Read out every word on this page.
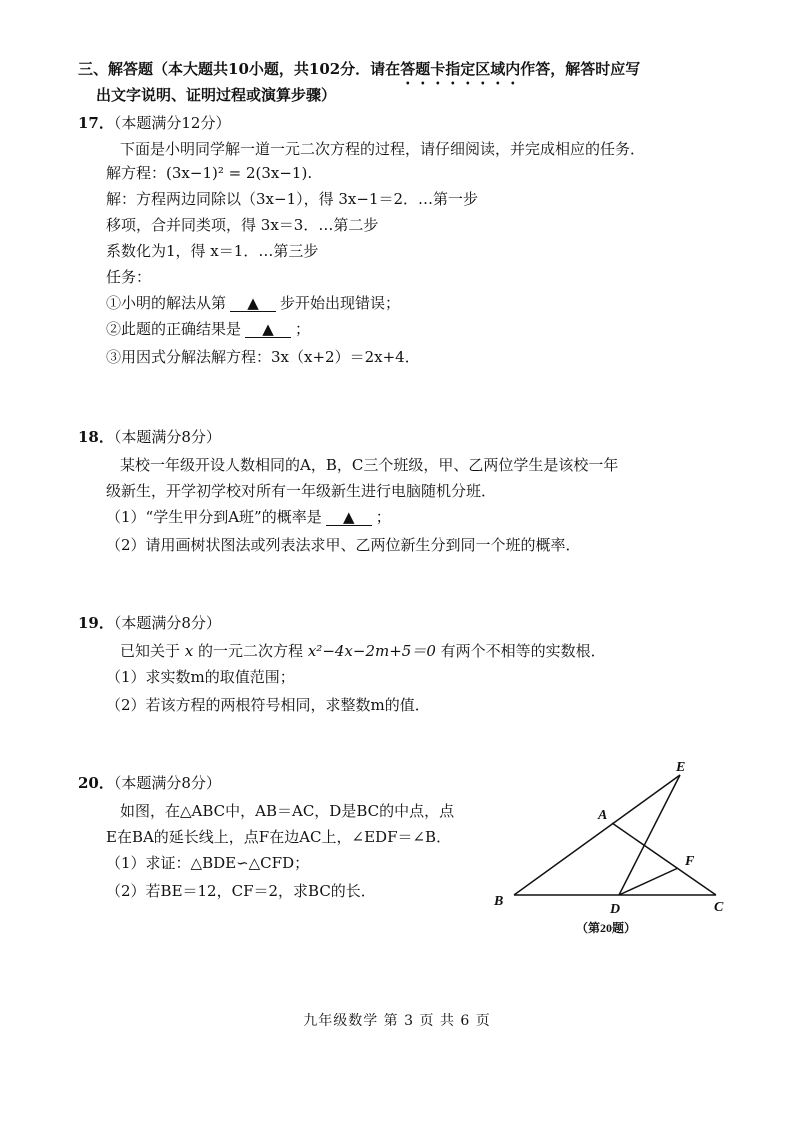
三、解答题（本大题共10小题，共102分．请在答题卡指定区域内作答，解答时应写
出文字说明、证明过程或演算步骤）
17．（本题满分12分）
下面是小明同学解一道一元二次方程的过程，请仔细阅读，并完成相应的任务．
解方程：(3x−1)² = 2(3x−1).
解：方程两边同除以（3x−1），得 3x−1＝2．…第一步
移项，合并同类项，得 3x＝3．…第二步
系数化为1，得 x＝1．…第三步
任务：
①小明的解法从第 ▲ 步开始出现错误；
②此题的正确结果是 ▲ ；
③用因式分解法解方程：3x（x+2）＝2x+4．
18．（本题满分8分）
某校一年级开设人数相同的A，B，C三个班级，甲、乙两位学生是该校一年
级新生，开学初学校对所有一年级新生进行电脑随机分班．
（1）“学生甲分到A班”的概率是 ▲ ；
（2）请用画树状图法或列表法求甲、乙两位新生分到同一个班的概率．
19．（本题满分8分）
已知关于 x 的一元二次方程 x²−4x−2m+5＝0 有两个不相等的实数根．
（1）求实数m的取值范围；
（2）若该方程的两根符号相同，求整数m的值．
20．（本题满分8分）
如图，在△ABC中，AB＝AC，D是BC的中点，点
E在BA的延长线上，点F在边AC上，∠EDF＝∠B．
（1）求证：△BDE∽△CFD；
（2）若BE＝12，CF＝2，求BC的长．
E
A
F
B
D	C
（第20题）
九年级数学 第 3 页 共 6 页
